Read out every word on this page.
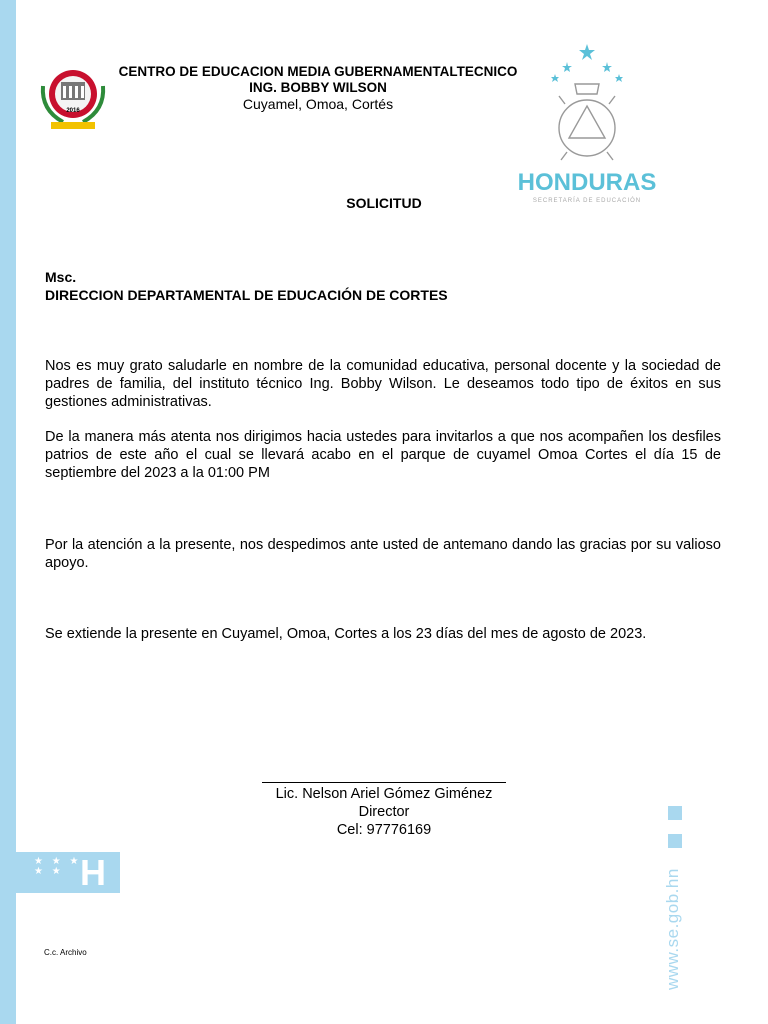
2016
CENTRO DE EDUCACION MEDIA GUBERNAMENTALTECNICO
ING. BOBBY WILSON
Cuyamel, Omoa, Cortés
HONDURAS
SECRETARÍA DE EDUCACIÓN
SOLICITUD
Msc.
DIRECCION DEPARTAMENTAL DE EDUCACIÓN DE CORTES
Nos es muy grato saludarle en nombre de la comunidad educativa, personal docente y la sociedad de padres de familia, del instituto técnico Ing. Bobby Wilson. Le deseamos todo tipo de éxitos en sus gestiones administrativas.
De la manera más atenta nos dirigimos hacia ustedes para invitarlos a que nos acompañen los desfiles patrios de este año el cual se llevará acabo en el parque de cuyamel Omoa Cortes el día 15 de septiembre del 2023 a la 01:00 PM
Por la atención a la presente, nos despedimos ante usted de antemano dando las gracias por su valioso apoyo.
Se extiende la presente en Cuyamel, Omoa, Cortes a los 23 días del mes de agosto de 2023.
Lic. Nelson Ariel Gómez Giménez
Director
Cel: 97776169
★ ★ ★ ★ ★ H	www.se.gob.hn
C.c. Archivo
